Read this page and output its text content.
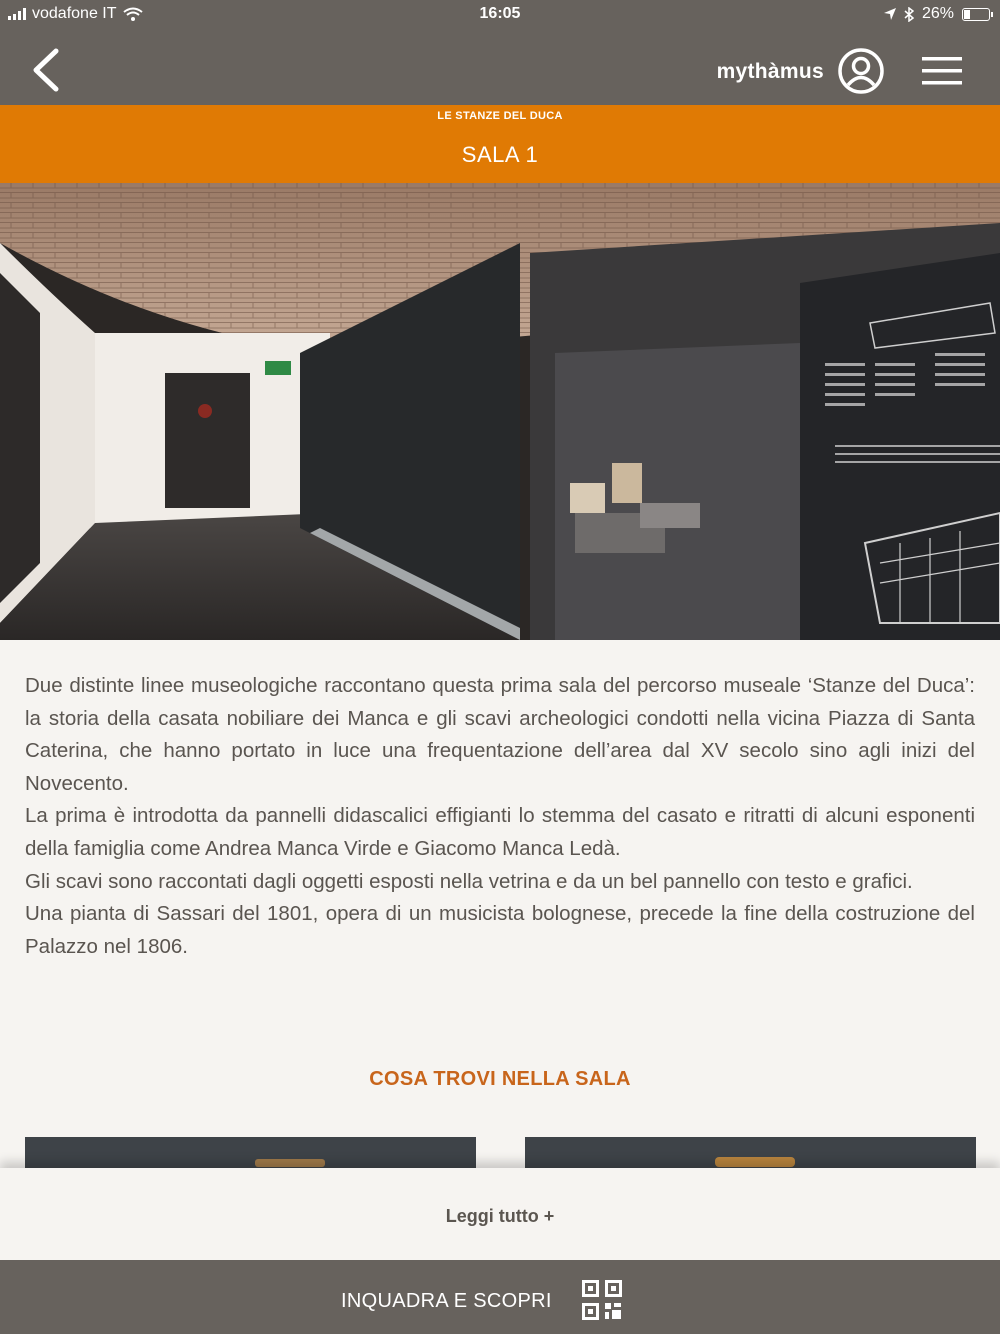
vodafone IT	16:05	26%
mythàmus
LE STANZE DEL DUCA
SALA 1

Due distinte linee museologiche raccontano questa prima sala del percorso museale ‘Stanze del Duca’: la storia della casata nobiliare dei Manca e gli scavi archeologici condotti nella vicina Piazza di Santa Caterina, che hanno portato in luce una frequentazione dell’area dal XV secolo sino agli inizi del Novecento.

La prima è introdotta da pannelli didascalici effigianti lo stemma del casato e ritratti di alcuni esponenti della famiglia come Andrea Manca Virde e Giacomo Manca Ledà.

Gli scavi sono raccontati dagli oggetti esposti nella vetrina e da un bel pannello con testo e grafici.

Una pianta di Sassari del 1801, opera di un musicista bolognese, precede la fine della costruzione del Palazzo nel 1806.

COSA TROVI NELLA SALA
Leggi tutto +
INQUADRA E SCOPRI
